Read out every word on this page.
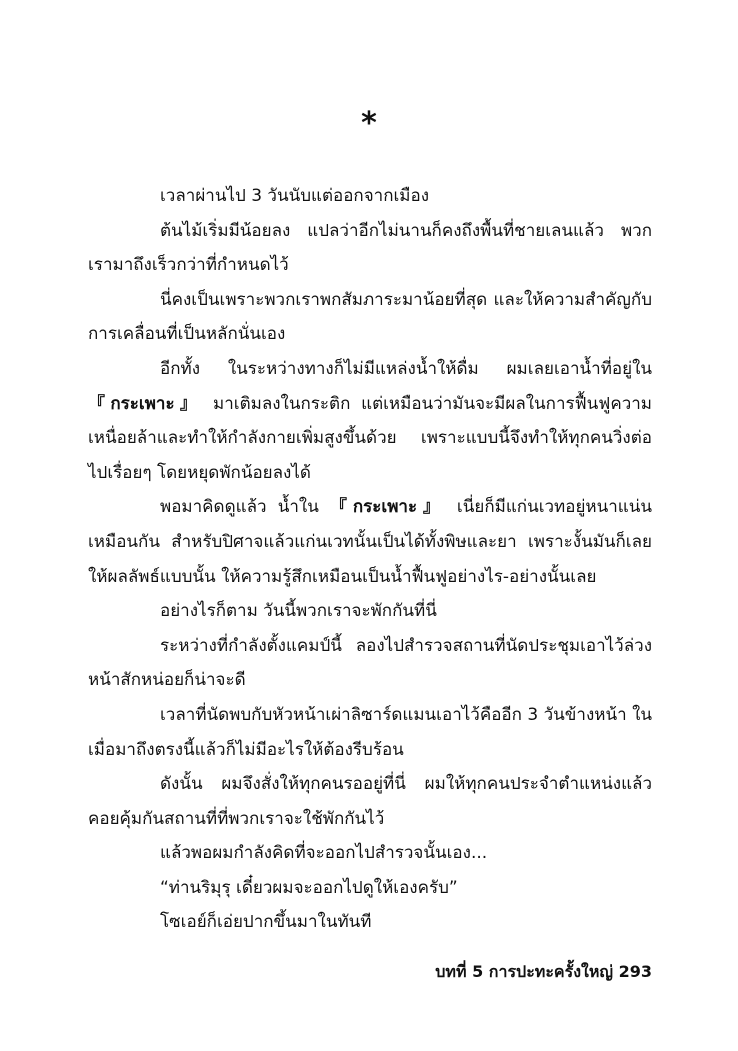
*

เวลาผ่านไป 3 วันนับแต่ออกจากเมือง

ต้นไม้เริ่มมีน้อยลง แปลว่าอีกไม่นานก็คงถึงพื้นที่ชายเลนแล้ว พวกเรามาถึงเร็วกว่าที่กำหนดไว้

นี่คงเป็นเพราะพวกเราพกสัมภาระมาน้อยที่สุด และให้ความสำคัญกับการเคลื่อนที่เป็นหลักนั่นเอง

อีกทั้ง ในระหว่างทางก็ไม่มีแหล่งน้ำให้ดื่ม ผมเลยเอาน้ำที่อยู่ใน 『กระเพาะ』 มาเติมลงในกระติก แต่เหมือนว่ามันจะมีผลในการฟื้นฟูความเหนื่อยล้าและทำให้กำลังกายเพิ่มสูงขึ้นด้วย เพราะแบบนี้จึงทำให้ทุกคนวิ่งต่อไปเรื่อยๆ โดยหยุดพักน้อยลงได้

พอมาคิดดูแล้ว น้ำใน 『กระเพาะ』 เนี่ยก็มีแก่นเวทอยู่หนาแน่นเหมือนกัน สำหรับปิศาจแล้วแก่นเวทนั้นเป็นได้ทั้งพิษและยา เพราะงั้นมันก็เลยให้ผลลัพธ์แบบนั้น ให้ความรู้สึกเหมือนเป็นน้ำฟื้นฟูอย่างไร-อย่างนั้นเลย

อย่างไรก็ตาม วันนี้พวกเราจะพักกันที่นี่

ระหว่างที่กำลังตั้งแคมป์นี้ ลองไปสำรวจสถานที่นัดประชุมเอาไว้ล่วงหน้าสักหน่อยก็น่าจะดี

เวลาที่นัดพบกับหัวหน้าเผ่าลิซาร์ดแมนเอาไว้คืออีก 3 วันข้างหน้า ในเมื่อมาถึงตรงนี้แล้วก็ไม่มีอะไรให้ต้องรีบร้อน

ดังนั้น ผมจึงสั่งให้ทุกคนรออยู่ที่นี่ ผมให้ทุกคนประจำตำแหน่งแล้วคอยคุ้มกันสถานที่ที่พวกเราจะใช้พักกันไว้

แล้วพอผมกำลังคิดที่จะออกไปสำรวจนั้นเอง...

“ท่านริมุรุ เดี๋ยวผมจะออกไปดูให้เองครับ”

โซเอย์ก็เอ่ยปากขึ้นมาในทันที

บทที่ 5 การปะทะครั้งใหญ่ 293
